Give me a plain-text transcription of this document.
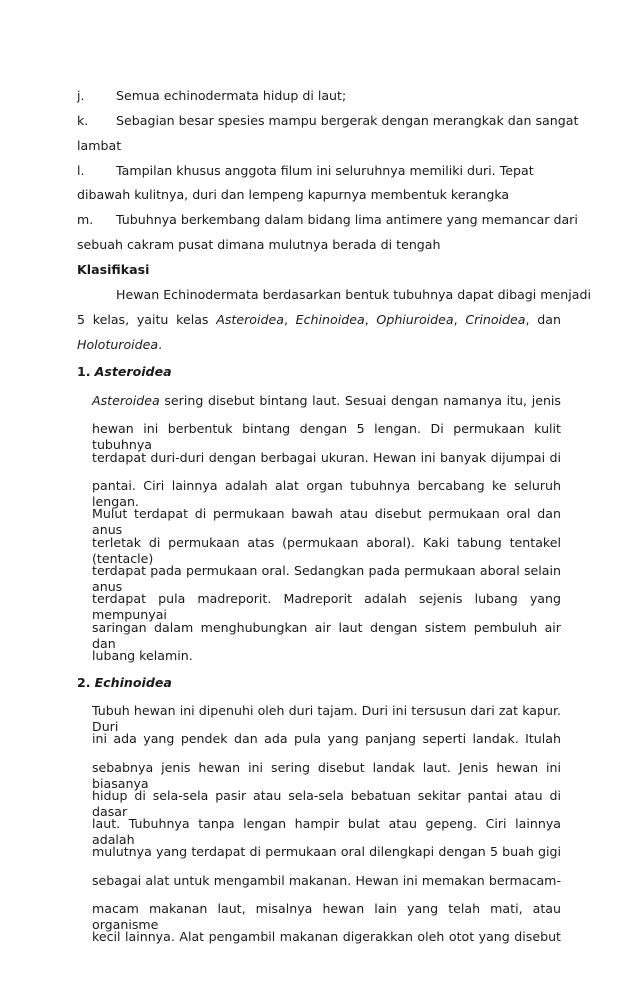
j. Semua echinodermata hidup di laut;
k. Sebagian besar spesies mampu bergerak dengan merangkak dan sangat
lambat
l. Tampilan khusus anggota filum ini seluruhnya memiliki duri. Tepat
dibawah kulitnya, duri dan lempeng kapurnya membentuk kerangka
m. Tubuhnya berkembang dalam bidang lima antimere yang memancar dari
sebuah cakram pusat dimana mulutnya berada di tengah
Klasifikasi
Hewan Echinodermata berdasarkan bentuk tubuhnya dapat dibagi menjadi
5 kelas, yaitu kelas Asteroidea, Echinoidea, Ophiuroidea, Crinoidea, dan
Holoturoidea.
1. Asteroidea
Asteroidea sering disebut bintang laut. Sesuai dengan namanya itu, jenis
hewan ini berbentuk bintang dengan 5 lengan. Di permukaan kulit tubuhnya
terdapat duri-duri dengan berbagai ukuran. Hewan ini banyak dijumpai di
pantai. Ciri lainnya adalah alat organ tubuhnya bercabang ke seluruh lengan.
Mulut terdapat di permukaan bawah atau disebut permukaan oral dan anus
terletak di permukaan atas (permukaan aboral). Kaki tabung tentakel (tentacle)
terdapat pada permukaan oral. Sedangkan pada permukaan aboral selain anus
terdapat pula madreporit. Madreporit adalah sejenis lubang yang mempunyai
saringan dalam menghubungkan air laut dengan sistem pembuluh air dan
lubang kelamin.
2. Echinoidea
Tubuh hewan ini dipenuhi oleh duri tajam. Duri ini tersusun dari zat kapur. Duri
ini ada yang pendek dan ada pula yang panjang seperti landak. Itulah
sebabnya jenis hewan ini sering disebut landak laut. Jenis hewan ini biasanya
hidup di sela-sela pasir atau sela-sela bebatuan sekitar pantai atau di dasar
laut. Tubuhnya tanpa lengan hampir bulat atau gepeng. Ciri lainnya adalah
mulutnya yang terdapat di permukaan oral dilengkapi dengan 5 buah gigi
sebagai alat untuk mengambil makanan. Hewan ini memakan bermacam-
macam makanan laut, misalnya hewan lain yang telah mati, atau organisme
kecil lainnya. Alat pengambil makanan digerakkan oleh otot yang disebut
